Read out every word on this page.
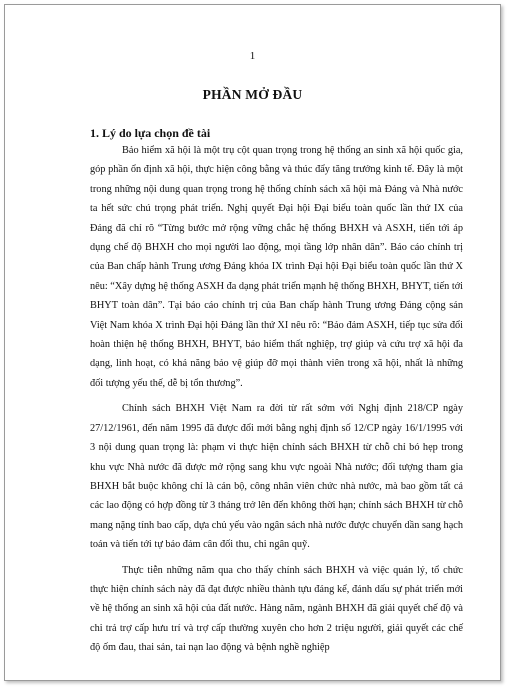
1
PHẦN MỞ ĐẦU
1. Lý do lựa chọn đề tài

Bảo hiểm xã hội là một trụ cột quan trọng trong hệ thống an sinh xã hội quốc gia, góp phần ổn định xã hội, thực hiện công bằng và thúc đẩy tăng trưởng kinh tế. Đây là một trong những nội dung quan trọng trong hệ thống chính sách xã hội mà Đảng và Nhà nước ta hết sức chú trọng phát triển. Nghị quyết Đại hội Đại biểu toàn quốc lần thứ IX của Đảng đã chỉ rõ “Từng bước mở rộng vững chắc hệ thống BHXH và ASXH, tiến tới áp dụng chế độ BHXH cho mọi người lao động, mọi tầng lớp nhân dân”. Báo cáo chính trị của Ban chấp hành Trung ương Đảng khóa IX trình Đại hội Đại biểu toàn quốc lần thứ X nêu: “Xây dựng hệ thống ASXH đa dạng phát triển mạnh hệ thống BHXH, BHYT, tiến tới BHYT toàn dân”. Tại báo cáo chính trị của Ban chấp hành Trung ương Đảng cộng sản Việt Nam khóa X trình Đại hội Đảng lần thứ XI nêu rõ: “Bảo đảm ASXH, tiếp tục sửa đổi hoàn thiện hệ thống BHXH, BHYT, bảo hiểm thất nghiệp, trợ giúp và cứu trợ xã hội đa dạng, linh hoạt, có khả năng bảo vệ giúp đỡ mọi thành viên trong xã hội, nhất là những đối tượng yếu thế, dễ bị tổn thương”.

Chính sách BHXH Việt Nam ra đời từ rất sớm với Nghị định 218/CP ngày 27/12/1961, đến năm 1995 đã được đổi mới bằng nghị định số 12/CP ngày 16/1/1995 với 3 nội dung quan trọng là: phạm vi thực hiện chính sách BHXH từ chỗ chỉ bó hẹp trong khu vực Nhà nước đã được mở rộng sang khu vực ngoài Nhà nước; đối tượng tham gia BHXH bắt buộc không chỉ là cán bộ, công nhân viên chức nhà nước, mà bao gồm tất cả các lao động có hợp đồng từ 3 tháng trở lên đến không thời hạn; chính sách BHXH từ chỗ mang nặng tính bao cấp, dựa chủ yếu vào ngân sách nhà nước được chuyển dần sang hạch toán và tiến tới tự bảo đảm cân đối thu, chi ngân quỹ.

Thực tiễn những năm qua cho thấy chính sách BHXH và việc quản lý, tổ chức thực hiện chính sách này đã đạt được nhiều thành tựu đáng kể, đánh dấu sự phát triển mới về hệ thống an sinh xã hội của đất nước. Hàng năm, ngành BHXH đã giải quyết chế độ và chi trả trợ cấp hưu trí và trợ cấp thường xuyên cho hơn 2 triệu người, giải quyết các chế độ ốm đau, thai sản, tai nạn lao động và bệnh nghề nghiệp
